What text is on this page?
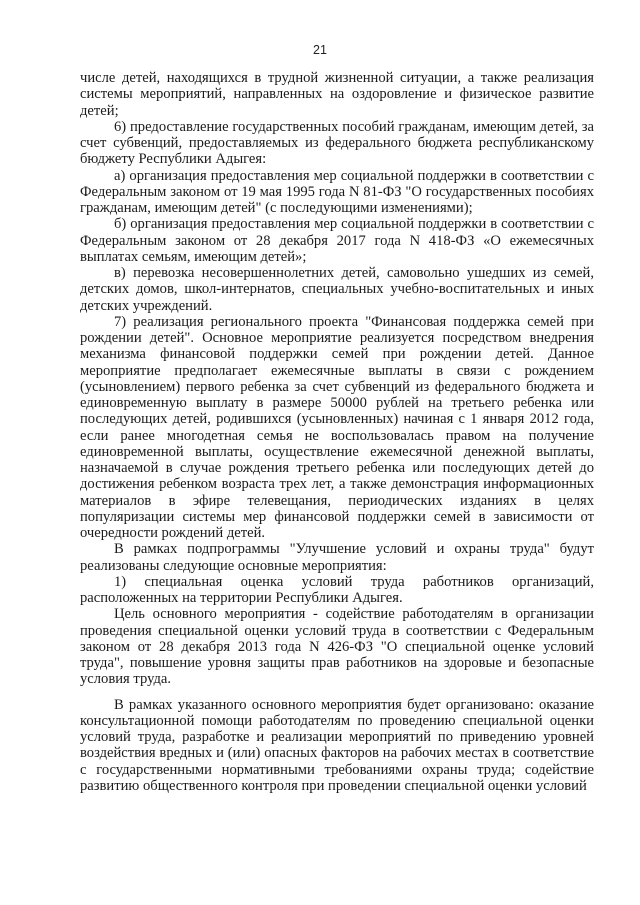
21

числе детей, находящихся в трудной жизненной ситуации, а также реализация системы мероприятий, направленных на оздоровление и физическое развитие детей;

6) предоставление государственных пособий гражданам, имеющим детей, за счет субвенций, предоставляемых из федерального бюджета республиканскому бюджету Республики Адыгея:

а) организация предоставления мер социальной поддержки в соответствии с Федеральным законом от 19 мая 1995 года N 81-ФЗ "О государственных пособиях гражданам, имеющим детей" (с последующими изменениями);

б) организация предоставления мер социальной поддержки в соответствии с Федеральным законом от 28 декабря 2017 года N 418-ФЗ «О ежемесячных выплатах семьям, имеющим детей»;

в) перевозка несовершеннолетних детей, самовольно ушедших из семей, детских домов, школ-интернатов, специальных учебно-воспитательных и иных детских учреждений.

7) реализация регионального проекта "Финансовая поддержка семей при рождении детей". Основное мероприятие реализуется посредством внедрения механизма финансовой поддержки семей при рождении детей. Данное мероприятие предполагает ежемесячные выплаты в связи с рождением (усыновлением) первого ребенка за счет субвенций из федерального бюджета и единовременную выплату в размере 50000 рублей на третьего ребенка или последующих детей, родившихся (усыновленных) начиная с 1 января 2012 года, если ранее многодетная семья не воспользовалась правом на получение единовременной выплаты, осуществление ежемесячной денежной выплаты, назначаемой в случае рождения третьего ребенка или последующих детей до достижения ребенком возраста трех лет, а также демонстрация информационных материалов в эфире телевещания, периодических изданиях в целях популяризации системы мер финансовой поддержки семей в зависимости от очередности рождений детей.

В рамках подпрограммы "Улучшение условий и охраны труда" будут реализованы следующие основные мероприятия:

1) специальная оценка условий труда работников организаций, расположенных на территории Республики Адыгея.

Цель основного мероприятия - содействие работодателям в организации проведения специальной оценки условий труда в соответствии с Федеральным законом от 28 декабря 2013 года N 426-ФЗ "О специальной оценке условий труда", повышение уровня защиты прав работников на здоровые и безопасные условия труда.

В рамках указанного основного мероприятия будет организовано: оказание консультационной помощи работодателям по проведению специальной оценки условий труда, разработке и реализации мероприятий по приведению уровней воздействия вредных и (или) опасных факторов на рабочих местах в соответствие с государственными нормативными требованиями охраны труда; содействие развитию общественного контроля при проведении специальной оценки условий
